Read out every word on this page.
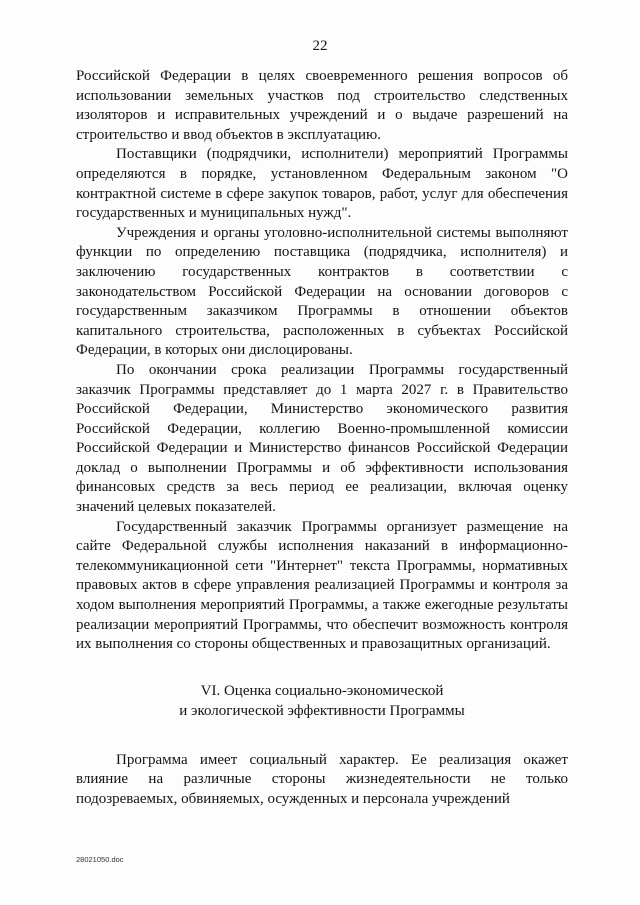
22

Российской Федерации в целях своевременного решения вопросов об использовании земельных участков под строительство следственных изоляторов и исправительных учреждений и о выдаче разрешений на строительство и ввод объектов в эксплуатацию.

Поставщики (подрядчики, исполнители) мероприятий Программы определяются в порядке, установленном Федеральным законом "О контрактной системе в сфере закупок товаров, работ, услуг для обеспечения государственных и муниципальных нужд".

Учреждения и органы уголовно-исполнительной системы выполняют функции по определению поставщика (подрядчика, исполнителя) и заключению государственных контрактов в соответствии с законодательством Российской Федерации на основании договоров с государственным заказчиком Программы в отношении объектов капитального строительства, расположенных в субъектах Российской Федерации, в которых они дислоцированы.

По окончании срока реализации Программы государственный заказчик Программы представляет до 1 марта 2027 г. в Правительство Российской Федерации, Министерство экономического развития Российской Федерации, коллегию Военно-промышленной комиссии Российской Федерации и Министерство финансов Российской Федерации доклад о выполнении Программы и об эффективности использования финансовых средств за весь период ее реализации, включая оценку значений целевых показателей.

Государственный заказчик Программы организует размещение на сайте Федеральной службы исполнения наказаний в информационно-телекоммуникационной сети "Интернет" текста Программы, нормативных правовых актов в сфере управления реализацией Программы и контроля за ходом выполнения мероприятий Программы, а также ежегодные результаты реализации мероприятий Программы, что обеспечит возможность контроля их выполнения со стороны общественных и правозащитных организаций.

VI. Оценка социально-экономической
и экологической эффективности Программы

Программа имеет социальный характер. Ее реализация окажет влияние на различные стороны жизнедеятельности не только подозреваемых, обвиняемых, осужденных и персонала учреждений

28021050.doc
